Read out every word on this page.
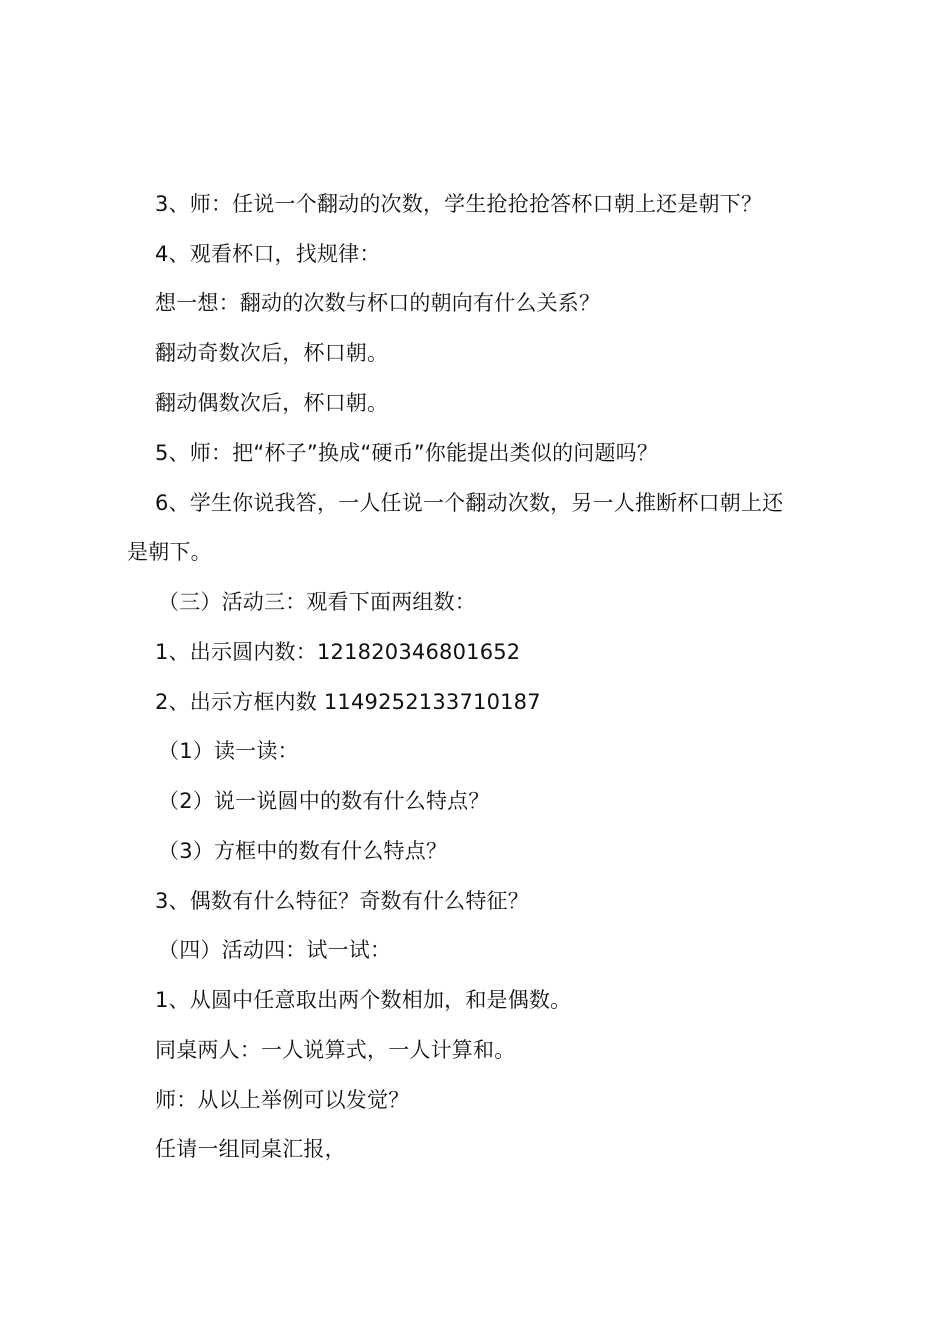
3、师：任说一个翻动的次数，学生抢抢抢答杯口朝上还是朝下？
4、观看杯口，找规律：
想一想：翻动的次数与杯口的朝向有什么关系？
翻动奇数次后，杯口朝。
翻动偶数次后，杯口朝。
5、师：把“杯子”换成“硬币”你能提出类似的问题吗？
6、学生你说我答，一人任说一个翻动次数，另一人推断杯口朝上还
是朝下。
（三）活动三：观看下面两组数：
1、出示圆内数：121820346801652
2、出示方框内数 1149252133710187
（1）读一读：
（2）说一说圆中的数有什么特点？
（3）方框中的数有什么特点？
3、偶数有什么特征？奇数有什么特征？
（四）活动四：试一试：
1、从圆中任意取出两个数相加，和是偶数。
同桌两人：一人说算式，一人计算和。
师：从以上举例可以发觉？
任请一组同桌汇报，
